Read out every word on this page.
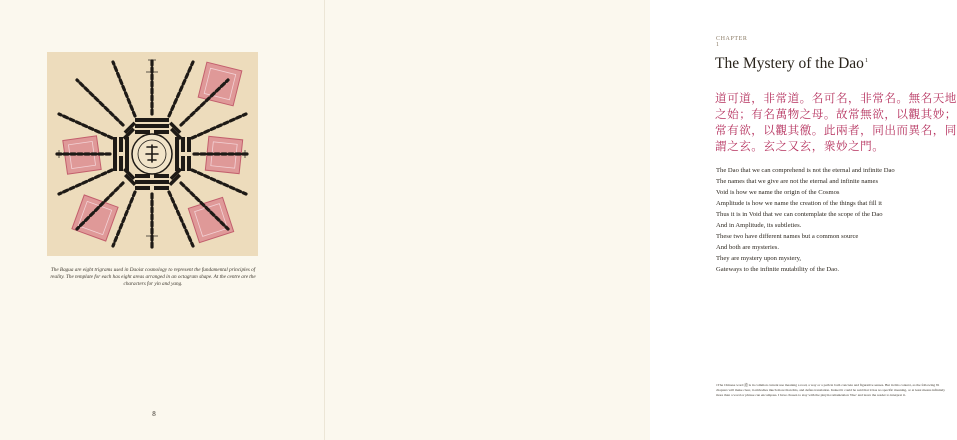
The Bagua are eight trigrams used in Daoist cosmology to represent the fundamental principles of reality. The template for each has eight areas arranged in an octagram shape. At the centre are the characters for yin and yang.
8
CHAPTER 1
The Mystery of the Dao$^1$
道可道，非常道。名可名，非常名。無名天地
之始；有名萬物之母。故常無欲，以觀其妙；
常有欲，以觀其徼。此兩者，同出而異名，同
謂之玄。玄之又玄，衆妙之門。
The Dao that we can comprehend is not the eternal and infinite Dao
The names that we give are not the eternal and infinite names
Void is how we name the origin of the Cosmos
Amplitude is how we name the creation of the things that fill it
Thus it is in Void that we can contemplate the scope of the Dao
And in Amplitude, its subtleties.
These two have different names but a common source
And both are mysteries.
They are mystery upon mystery,
Gateways to the infinite mutability of the Dao.
1The Chinese word 道 is in common current use meaning a road, a way or a path in both concrete and figurative senses. But in this context, as the following 81 chapters will make clear, it embodies much more than this, and defies translation. Indeed it could be said that it has no specific meaning, or at least means infinitely more than a word or phrase can encompass. I have chosen to stay with the pinyin romanization 'Dao' and leave the reader to interpret it.
